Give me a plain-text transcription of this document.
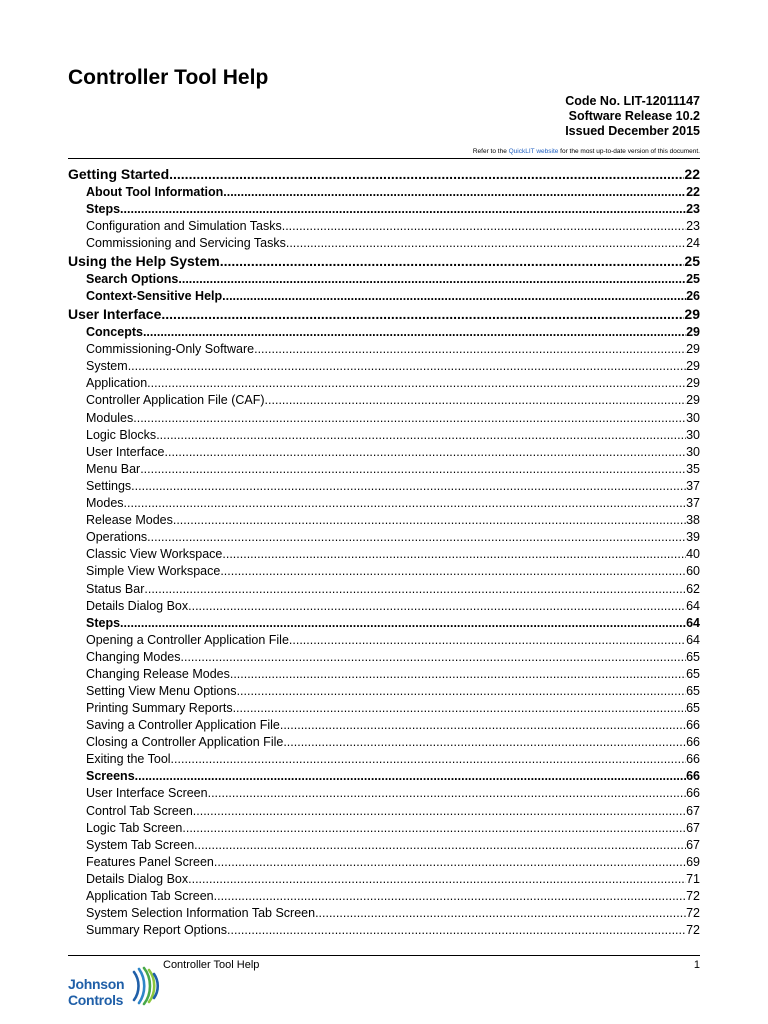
Controller Tool Help
Code No. LIT-12011147
Software Release 10.2
Issued December 2015
Refer to the QuickLIT website for the most up-to-date version of this document.
Getting Started .....	22
About Tool Information .....	22
Steps .....	23
Configuration and Simulation Tasks .....	23
Commissioning and Servicing Tasks .....	24
Using the Help System .....	25
Search Options .....	25
Context-Sensitive Help .....	26
User Interface .....	29
Concepts .....	29
Commissioning-Only Software .....	29
System .....	29
Application .....	29
Controller Application File (CAF) .....	29
Modules .....	30
Logic Blocks .....	30
User Interface .....	30
Menu Bar .....	35
Settings .....	37
Modes .....	37
Release Modes .....	38
Operations .....	39
Classic View Workspace .....	40
Simple View Workspace .....	60
Status Bar .....	62
Details Dialog Box .....	64
Steps .....	64
Opening a Controller Application File .....	64
Changing Modes .....	65
Changing Release Modes .....	65
Setting View Menu Options .....	65
Printing Summary Reports .....	65
Saving a Controller Application File .....	66
Closing a Controller Application File .....	66
Exiting the Tool .....	66
Screens .....	66
User Interface Screen .....	66
Control Tab Screen .....	67
Logic Tab Screen .....	67
System Tab Screen .....	67
Features Panel Screen .....	69
Details Dialog Box .....	71
Application Tab Screen .....	72
System Selection Information Tab Screen .....	72
Summary Report Options .....	72
Johnson
Controls
Controller Tool Help	1
